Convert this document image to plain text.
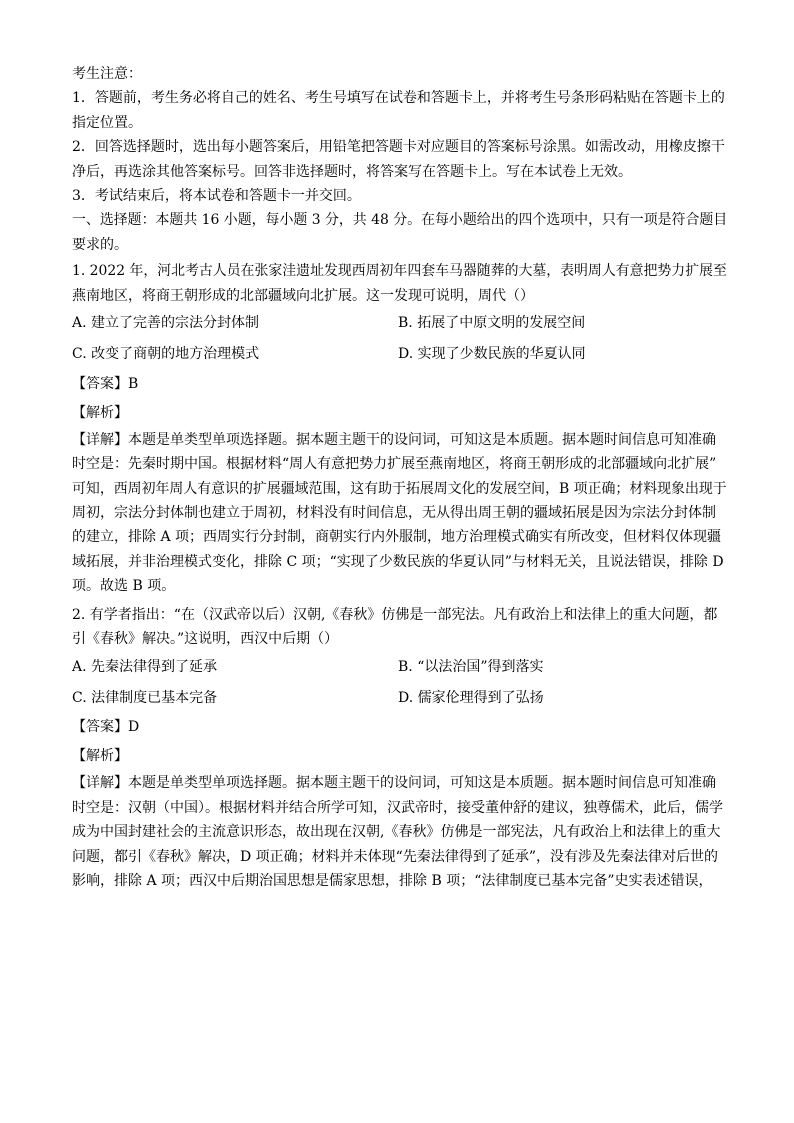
考生注意：
1．答题前，考生务必将自己的姓名、考生号填写在试卷和答题卡上，并将考生号条形码粘贴在答题卡上的
指定位置。
2．回答选择题时，选出每小题答案后，用铅笔把答题卡对应题目的答案标号涂黑。如需改动，用橡皮擦干
净后，再选涂其他答案标号。回答非选择题时，将答案写在答题卡上。写在本试卷上无效。
3．考试结束后，将本试卷和答题卡一并交回。
一、选择题：本题共 16 小题，每小题 3 分，共 48 分。在每小题给出的四个选项中，只有一项是符合题目
要求的。
1. 2022 年，河北考古人员在张家洼遗址发现西周初年四套车马器随葬的大墓，表明周人有意把势力扩展至
燕南地区，将商王朝形成的北部疆域向北扩展。这一发现可说明，周代（）
A. 建立了完善的宗法分封体制	B. 拓展了中原文明的发展空间
C. 改变了商朝的地方治理模式	D. 实现了少数民族的华夏认同
【答案】B
【解析】
【详解】本题是单类型单项选择题。据本题主题干的设问词，可知这是本质题。据本题时间信息可知准确
时空是：先秦时期中国。根据材料“周人有意把势力扩展至燕南地区，将商王朝形成的北部疆域向北扩展”
可知，西周初年周人有意识的扩展疆域范围，这有助于拓展周文化的发展空间，B 项正确；材料现象出现于
周初，宗法分封体制也建立于周初，材料没有时间信息，无从得出周王朝的疆域拓展是因为宗法分封体制
的建立，排除 A 项；西周实行分封制，商朝实行内外服制，地方治理模式确实有所改变，但材料仅体现疆
域拓展，并非治理模式变化，排除 C 项；“实现了少数民族的华夏认同”与材料无关，且说法错误，排除 D
项。故选 B 项。
2. 有学者指出：“在（汉武帝以后）汉朝,《春秋》仿佛是一部宪法。凡有政治上和法律上的重大问题，都
引《春秋》解决。”这说明，西汉中后期（）
A. 先秦法律得到了延承	B. “以法治国”得到落实
C. 法律制度已基本完备	D. 儒家伦理得到了弘扬
【答案】D
【解析】
【详解】本题是单类型单项选择题。据本题主题干的设问词，可知这是本质题。据本题时间信息可知准确
时空是：汉朝（中国）。根据材料并结合所学可知，汉武帝时，接受董仲舒的建议，独尊儒术，此后，儒学
成为中国封建社会的主流意识形态，故出现在汉朝,《春秋》仿佛是一部宪法，凡有政治上和法律上的重大
问题，都引《春秋》解决，D 项正确；材料并未体现“先秦法律得到了延承”，没有涉及先秦法律对后世的
影响，排除 A 项；西汉中后期治国思想是儒家思想，排除 B 项；“法律制度已基本完备”史实表述错误，
